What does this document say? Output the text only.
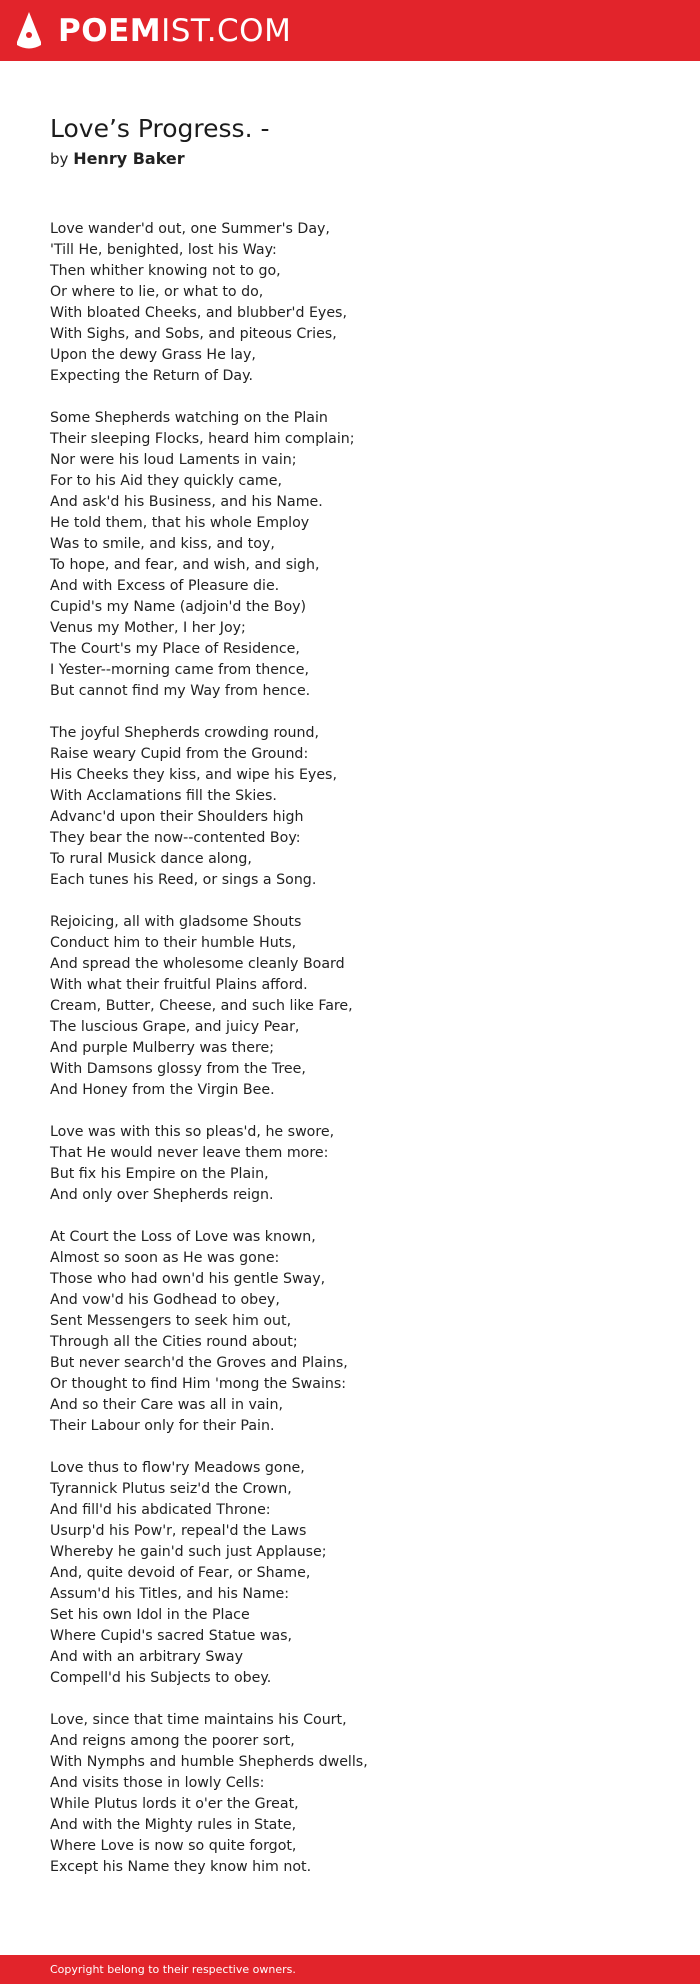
POEMIST.COM
Love’s Progress. -

by Henry Baker

Love wander'd out, one Summer's Day,
'Till He, benighted, lost his Way:
Then whither knowing not to go,
Or where to lie, or what to do,
With bloated Cheeks, and blubber'd Eyes,
With Sighs, and Sobs, and piteous Cries,
Upon the dewy Grass He lay,
Expecting the Return of Day.
Some Shepherds watching on the Plain
Their sleeping Flocks, heard him complain;
Nor were his loud Laments in vain;
For to his Aid they quickly came,
And ask'd his Business, and his Name.
He told them, that his whole Employ
Was to smile, and kiss, and toy,
To hope, and fear, and wish, and sigh,
And with Excess of Pleasure die.
Cupid's my Name (adjoin'd the Boy)
Venus my Mother, I her Joy;
The Court's my Place of Residence,
I Yester--morning came from thence,
But cannot find my Way from hence.
The joyful Shepherds crowding round,
Raise weary Cupid from the Ground:
His Cheeks they kiss, and wipe his Eyes,
With Acclamations fill the Skies.
Advanc'd upon their Shoulders high
They bear the now--contented Boy:
To rural Musick dance along,
Each tunes his Reed, or sings a Song.
Rejoicing, all with gladsome Shouts
Conduct him to their humble Huts,
And spread the wholesome cleanly Board
With what their fruitful Plains afford.
Cream, Butter, Cheese, and such like Fare,
The luscious Grape, and juicy Pear,
And purple Mulberry was there;
With Damsons glossy from the Tree,
And Honey from the Virgin Bee.
Love was with this so pleas'd, he swore,
That He would never leave them more:
But fix his Empire on the Plain,
And only over Shepherds reign.
At Court the Loss of Love was known,
Almost so soon as He was gone:
Those who had own'd his gentle Sway,
And vow'd his Godhead to obey,
Sent Messengers to seek him out,
Through all the Cities round about;
But never search'd the Groves and Plains,
Or thought to find Him 'mong the Swains:
And so their Care was all in vain,
Their Labour only for their Pain.
Love thus to flow'ry Meadows gone,
Tyrannick Plutus seiz'd the Crown,
And fill'd his abdicated Throne:
Usurp'd his Pow'r, repeal'd the Laws
Whereby he gain'd such just Applause;
And, quite devoid of Fear, or Shame,
Assum'd his Titles, and his Name:
Set his own Idol in the Place
Where Cupid's sacred Statue was,
And with an arbitrary Sway
Compell'd his Subjects to obey.
Love, since that time maintains his Court,
And reigns among the poorer sort,
With Nymphs and humble Shepherds dwells,
And visits those in lowly Cells:
While Plutus lords it o'er the Great,
And with the Mighty rules in State,
Where Love is now so quite forgot,
Except his Name they know him not.
Copyright belong to their respective owners.
